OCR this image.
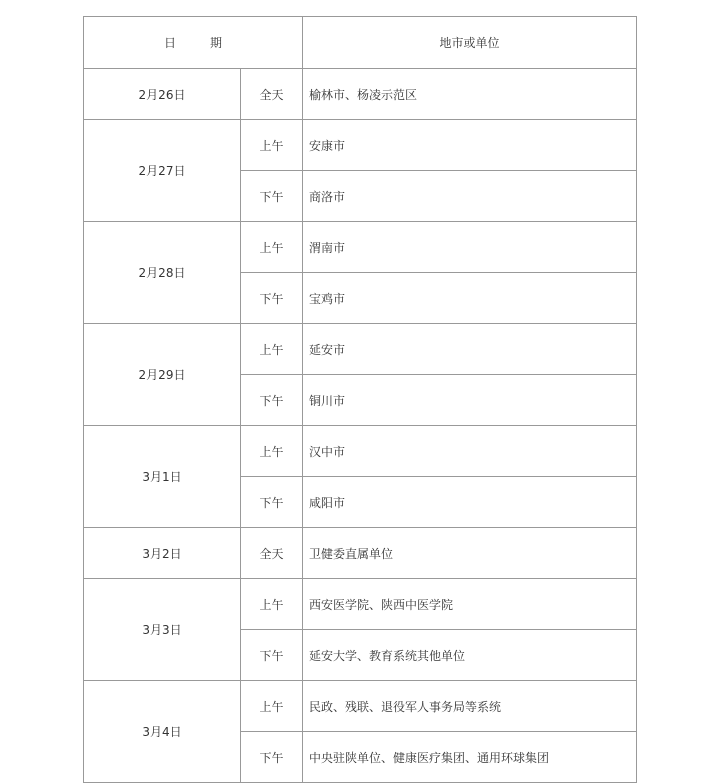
日 期		地市或单位
2月26日	全天	榆林市、杨凌示范区
2月27日	上午	安康市
	下午	商洛市
2月28日	上午	渭南市
	下午	宝鸡市
2月29日	上午	延安市
	下午	铜川市
3月1日	上午	汉中市
	下午	咸阳市
3月2日	全天	卫健委直属单位
3月3日	上午	西安医学院、陕西中医学院
	下午	延安大学、教育系统其他单位
3月4日	上午	民政、残联、退役军人事务局等系统
	下午	中央驻陕单位、健康医疗集团、通用环球集团
